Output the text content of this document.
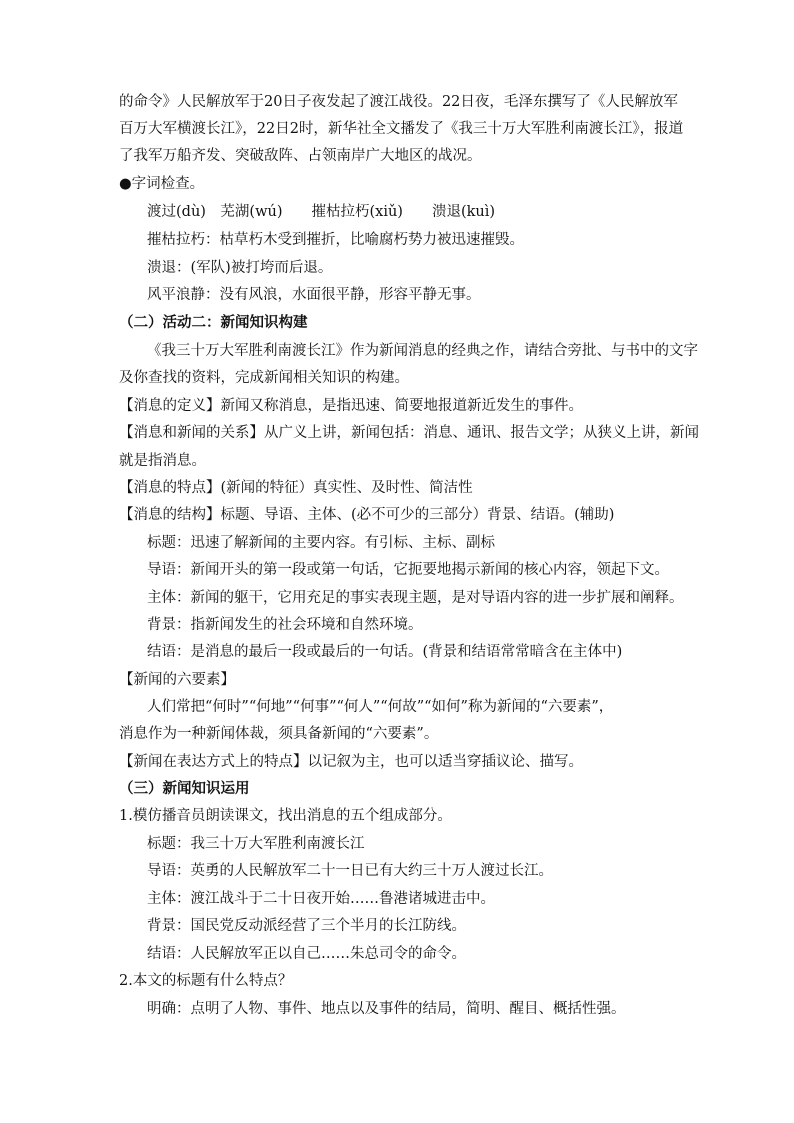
的命令》人民解放军于20日子夜发起了渡江战役。22日夜，毛泽东撰写了《人民解放军
百万大军横渡长江》，22日2时，新华社全文播发了《我三十万大军胜利南渡长江》，报道
了我军万船齐发、突破敌阵、占领南岸广大地区的战况。
●字词检查。
渡过(dù)　芜湖(wú)　　摧枯拉朽(xiǔ)　　溃退(kuì)
摧枯拉朽：枯草朽木受到摧折，比喻腐朽势力被迅速摧毁。
溃退：(军队)被打垮而后退。
风平浪静：没有风浪，水面很平静，形容平静无事。
（二）活动二：新闻知识构建
《我三十万大军胜利南渡长江》作为新闻消息的经典之作，请结合旁批、与书中的文字
及你查找的资料，完成新闻相关知识的构建。
【消息的定义】新闻又称消息，是指迅速、简要地报道新近发生的事件。
【消息和新闻的关系】从广义上讲，新闻包括：消息、通讯、报告文学；从狭义上讲，新闻
就是指消息。
【消息的特点】(新闻的特征）真实性、及时性、简洁性
【消息的结构】标题、导语、主体、(必不可少的三部分）背景、结语。(辅助)
标题：迅速了解新闻的主要内容。有引标、主标、副标
导语：新闻开头的第一段或第一句话，它扼要地揭示新闻的核心内容，领起下文。
主体：新闻的躯干，它用充足的事实表现主题，是对导语内容的进一步扩展和阐释。
背景：指新闻发生的社会环境和自然环境。
结语：是消息的最后一段或最后的一句话。(背景和结语常常暗含在主体中)
【新闻的六要素】
人们常把“何时”“何地”“何事”“何人”“何故”“如何”称为新闻的“六要素”，
消息作为一种新闻体裁，须具备新闻的“六要素”。
【新闻在表达方式上的特点】以记叙为主，也可以适当穿插议论、描写。
（三）新闻知识运用
1.模仿播音员朗读课文，找出消息的五个组成部分。
标题：我三十万大军胜利南渡长江
导语：英勇的人民解放军二十一日已有大约三十万人渡过长江。
主体：渡江战斗于二十日夜开始……鲁港诸城进击中。
背景：国民党反动派经营了三个半月的长江防线。
结语：人民解放军正以自己……朱总司令的命令。
2.本文的标题有什么特点？
明确：点明了人物、事件、地点以及事件的结局，简明、醒目、概括性强。
